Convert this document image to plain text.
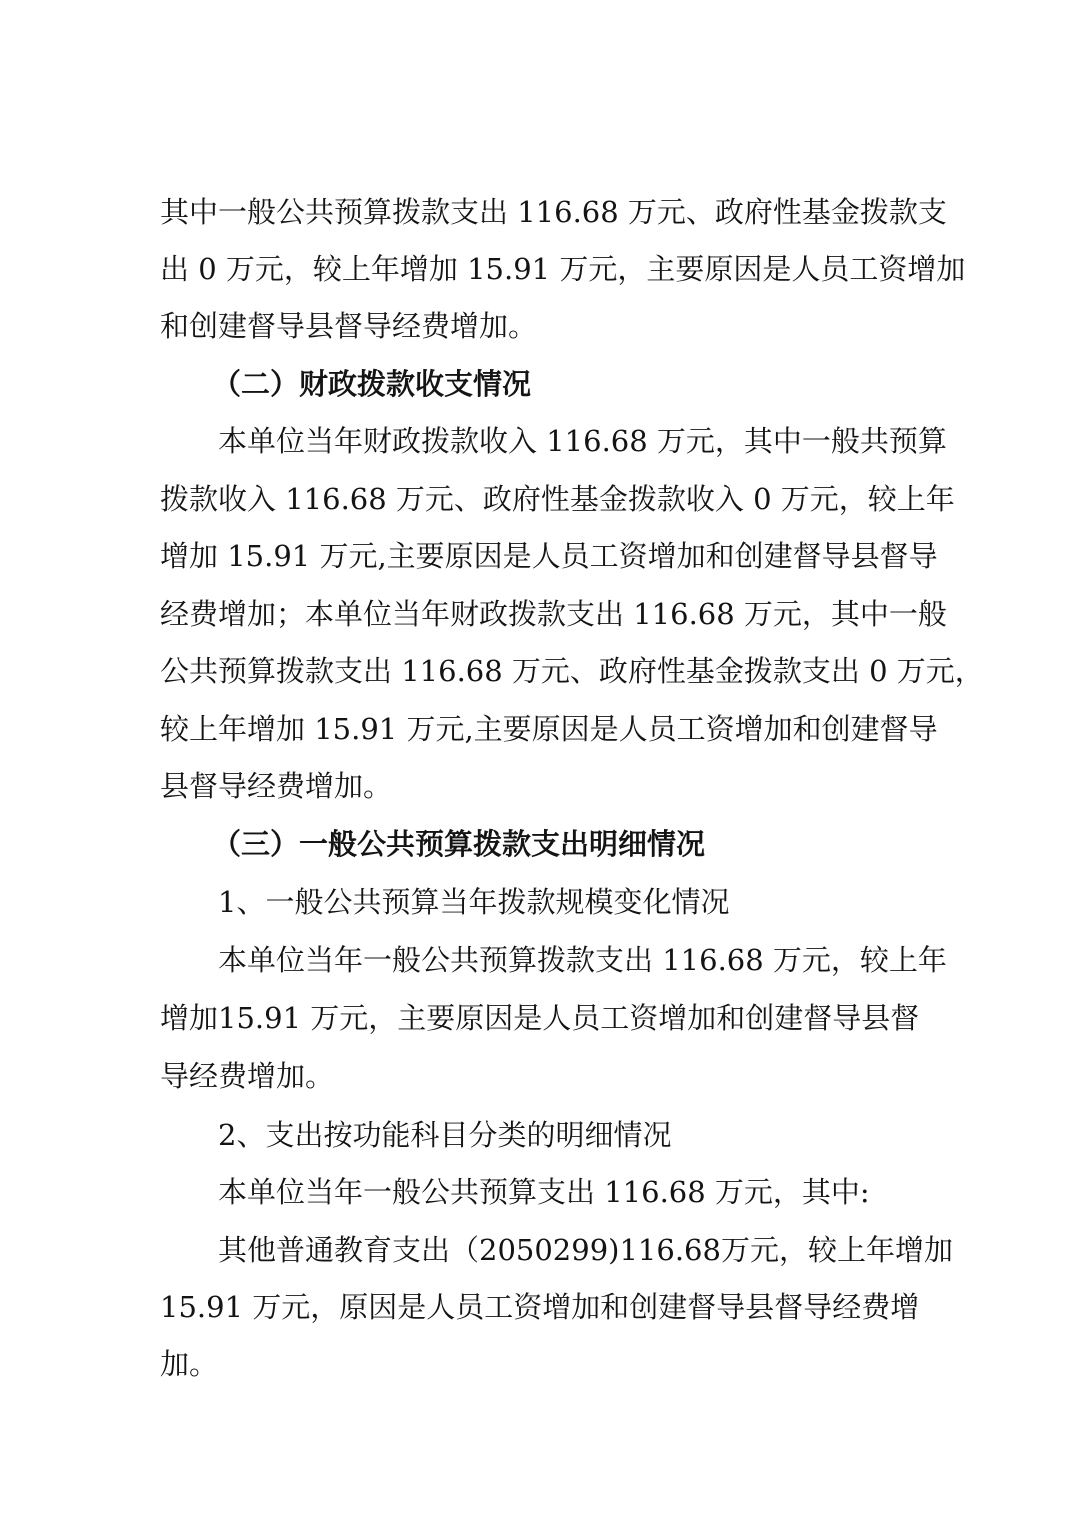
其中一般公共预算拨款支出 116.68 万元、政府性基金拨款支
出 0 万元，较上年增加 15.91 万元，主要原因是人员工资增加
和创建督导县督导经费增加。
（二）财政拨款收支情况
本单位当年财政拨款收入 116.68 万元，其中一般共预算
拨款收入 116.68 万元、政府性基金拨款收入 0 万元，较上年
增加 15.91 万元,主要原因是人员工资增加和创建督导县督导
经费增加；本单位当年财政拨款支出 116.68 万元，其中一般
公共预算拨款支出 116.68 万元、政府性基金拨款支出 0 万元，
较上年增加 15.91 万元,主要原因是人员工资增加和创建督导
县督导经费增加。
（三）一般公共预算拨款支出明细情况
1、一般公共预算当年拨款规模变化情况
本单位当年一般公共预算拨款支出 116.68 万元，较上年
增加15.91 万元，主要原因是人员工资增加和创建督导县督
导经费增加。
2、支出按功能科目分类的明细情况
本单位当年一般公共预算支出 116.68 万元，其中:
其他普通教育支出（2050299)116.68万元，较上年增加
15.91 万元，原因是人员工资增加和创建督导县督导经费增
加。
